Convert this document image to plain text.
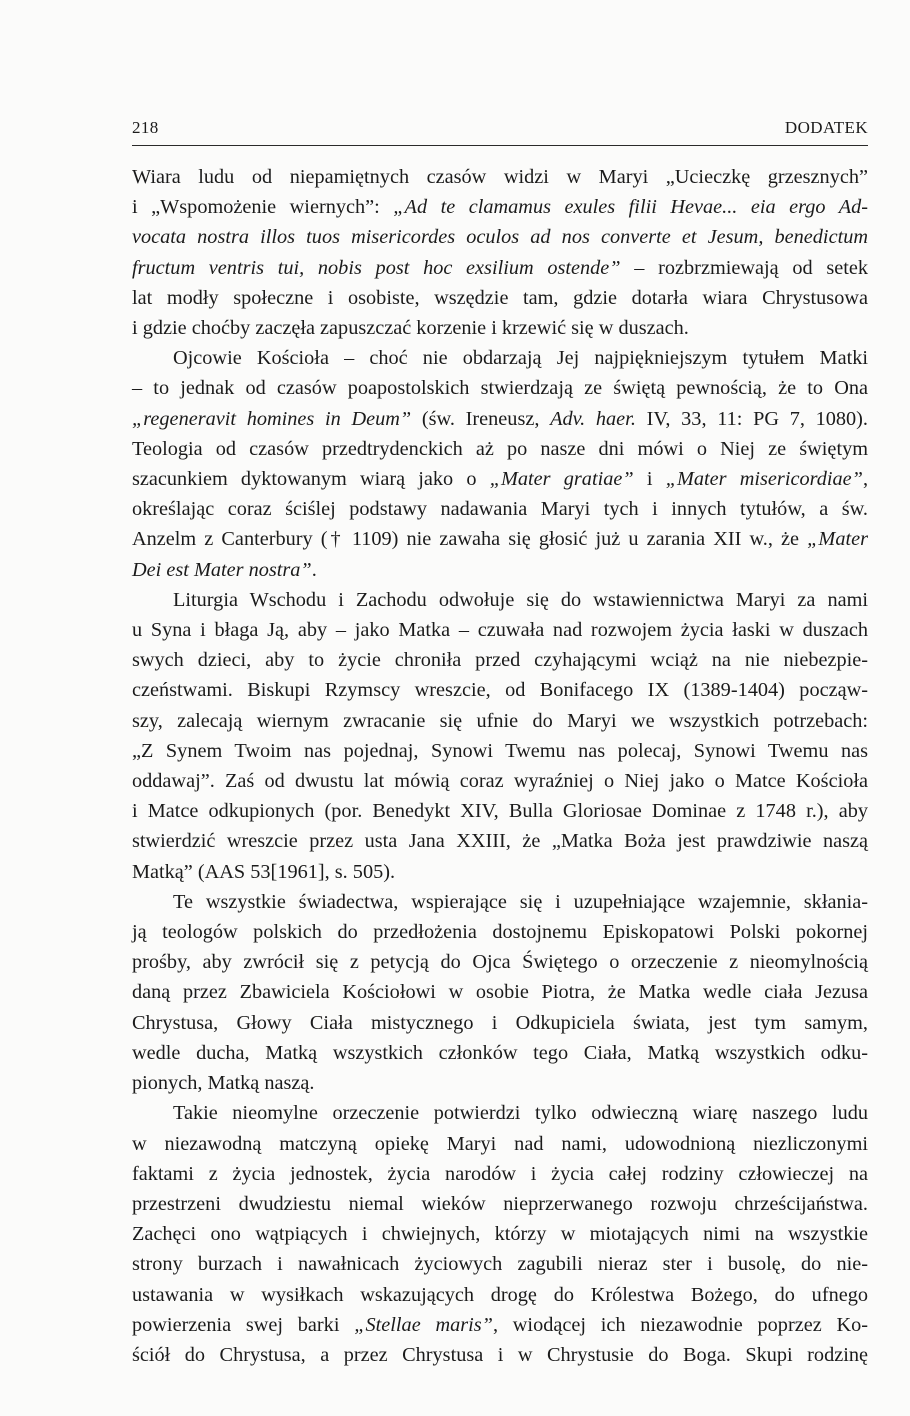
218	DODATEK
Wiara ludu od niepamiętnych czasów widzi w Maryi „Ucieczkę grzesznych”
i „Wspomożenie wiernych”: „Ad te clamamus exules filii Hevae... eia ergo Ad-
vocata nostra illos tuos misericordes oculos ad nos converte et Jesum, benedictum
fructum ventris tui, nobis post hoc exsilium ostende” – rozbrzmiewają od setek
lat modły społeczne i osobiste, wszędzie tam, gdzie dotarła wiara Chrystusowa
i gdzie choćby zaczęła zapuszczać korzenie i krzewić się w duszach.
Ojcowie Kościoła – choć nie obdarzają Jej najpiękniejszym tytułem Matki
– to jednak od czasów poapostolskich stwierdzają ze świętą pewnością, że to Ona
„regeneravit homines in Deum” (św. Ireneusz, Adv. haer. IV, 33, 11: PG 7, 1080).
Teologia od czasów przedtrydenckich aż po nasze dni mówi o Niej ze świętym
szacunkiem dyktowanym wiarą jako o „Mater gratiae” i „Mater misericordiae”,
określając coraz ściślej podstawy nadawania Maryi tych i innych tytułów, a św.
Anzelm z Canterbury († 1109) nie zawaha się głosić już u zarania XII w., że „Mater
Dei est Mater nostra”.
Liturgia Wschodu i Zachodu odwołuje się do wstawiennictwa Maryi za nami
u Syna i błaga Ją, aby – jako Matka – czuwała nad rozwojem życia łaski w duszach
swych dzieci, aby to życie chroniła przed czyhającymi wciąż na nie niebezpie-
czeństwami. Biskupi Rzymscy wreszcie, od Bonifacego IX (1389-1404) począw-
szy, zalecają wiernym zwracanie się ufnie do Maryi we wszystkich potrzebach:
„Z Synem Twoim nas pojednaj, Synowi Twemu nas polecaj, Synowi Twemu nas
oddawaj”. Zaś od dwustu lat mówią coraz wyraźniej o Niej jako o Matce Kościoła
i Matce odkupionych (por. Benedykt XIV, Bulla Gloriosae Dominae z 1748 r.), aby
stwierdzić wreszcie przez usta Jana XXIII, że „Matka Boża jest prawdziwie naszą
Matką” (AAS 53[1961], s. 505).
Te wszystkie świadectwa, wspierające się i uzupełniające wzajemnie, skłania-
ją teologów polskich do przedłożenia dostojnemu Episkopatowi Polski pokornej
prośby, aby zwrócił się z petycją do Ojca Świętego o orzeczenie z nieomylnością
daną przez Zbawiciela Kościołowi w osobie Piotra, że Matka wedle ciała Jezusa
Chrystusa, Głowy Ciała mistycznego i Odkupiciela świata, jest tym samym,
wedle ducha, Matką wszystkich członków tego Ciała, Matką wszystkich odku-
pionych, Matką naszą.
Takie nieomylne orzeczenie potwierdzi tylko odwieczną wiarę naszego ludu
w niezawodną matczyną opiekę Maryi nad nami, udowodnioną niezliczonymi
faktami z życia jednostek, życia narodów i życia całej rodziny człowieczej na
przestrzeni dwudziestu niemal wieków nieprzerwanego rozwoju chrześcijaństwa.
Zachęci ono wątpiących i chwiejnych, którzy w miotających nimi na wszystkie
strony burzach i nawałnicach życiowych zagubili nieraz ster i busolę, do nie-
ustawania w wysiłkach wskazujących drogę do Królestwa Bożego, do ufnego
powierzenia swej barki „Stellae maris”, wiodącej ich niezawodnie poprzez Ko-
ściół do Chrystusa, a przez Chrystusa i w Chrystusie do Boga. Skupi rodzinę
